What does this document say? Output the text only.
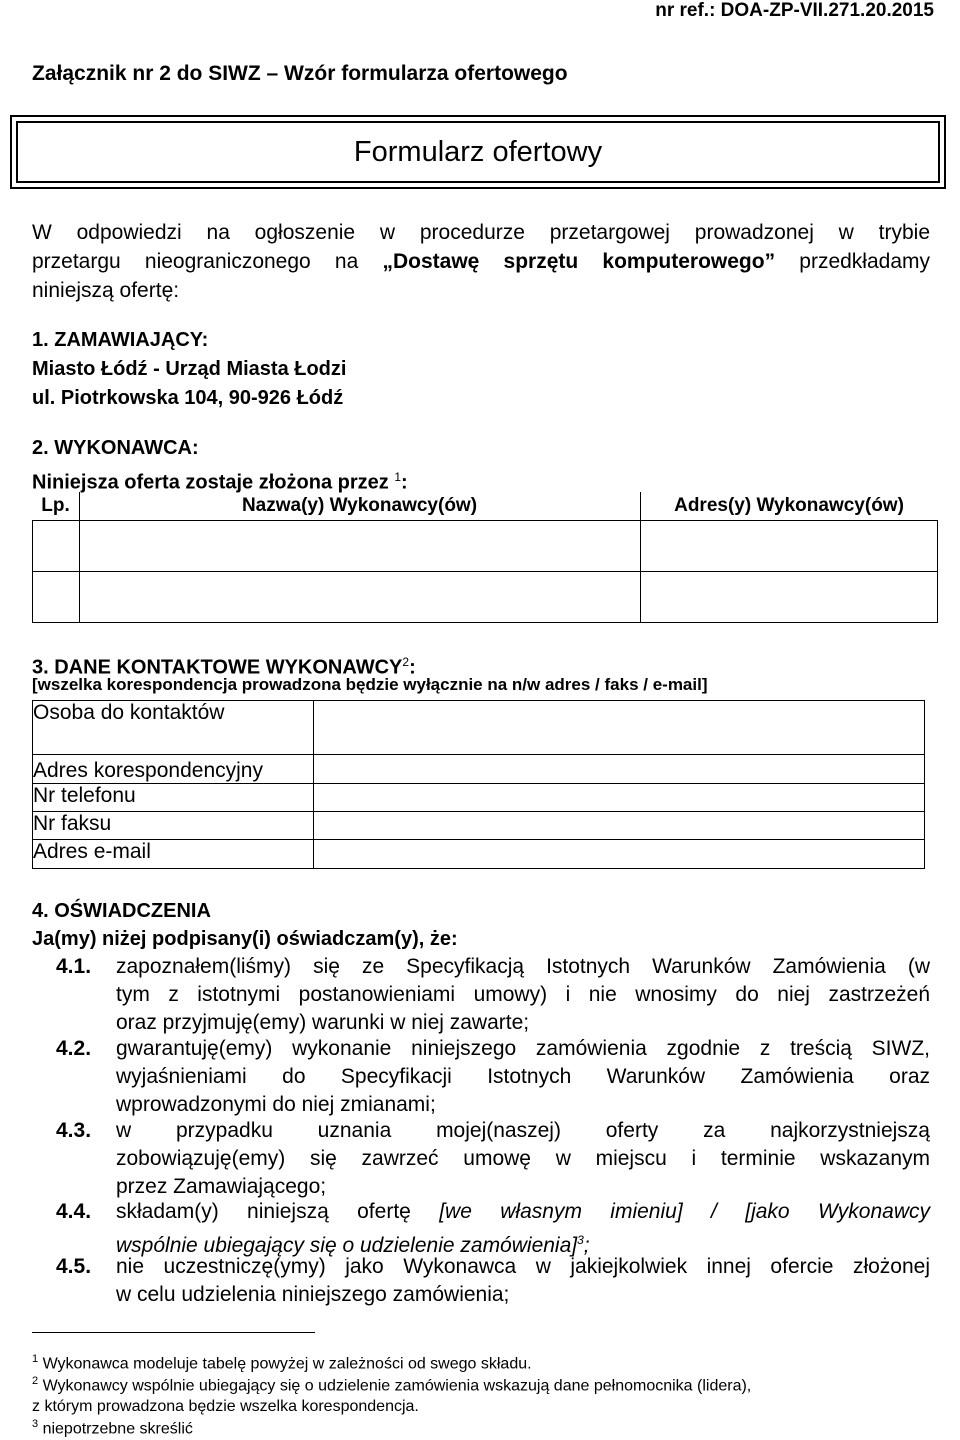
nr ref.: DOA-ZP-VII.271.20.2015
Załącznik nr 2 do SIWZ – Wzór formularza ofertowego
Formularz ofertowy
W odpowiedzi na ogłoszenie w procedurze przetargowej prowadzonej w trybie
przetargu nieograniczonego na „Dostawę sprzętu komputerowego” przedkładamy
niniejszą ofertę:
1. ZAMAWIAJĄCY:
Miasto Łódź - Urząd Miasta Łodzi
ul. Piotrkowska 104, 90-926 Łódź
2. WYKONAWCA:
Niniejsza oferta zostaje złożona przez $^1$:
Lp.	Nazwa(y) Wykonawcy(ów)	Adres(y) Wykonawcy(ów)

3. DANE KONTAKTOWE WYKONAWCY$^2$:
[wszelka korespondencja prowadzona będzie wyłącznie na n/w adres / faks / e-mail]
Osoba do kontaktów	
Adres korespondencyjny	
Nr telefonu	
Nr faksu	
Adres e-mail	
4. OŚWIADCZENIA
Ja(my) niżej podpisany(i) oświadczam(y), że:
4.1. zapoznałem(liśmy) się ze Specyfikacją Istotnych Warunków Zamówienia (w
tym z istotnymi postanowieniami umowy) i nie wnosimy do niej zastrzeżeń
oraz przyjmuję(emy) warunki w niej zawarte;
4.2. gwarantuję(emy) wykonanie niniejszego zamówienia zgodnie z treścią SIWZ,
wyjaśnieniami do Specyfikacji Istotnych Warunków Zamówienia oraz
wprowadzonymi do niej zmianami;
4.3. w przypadku uznania mojej(naszej) oferty za najkorzystniejszą
zobowiązuję(emy) się zawrzeć umowę w miejscu i terminie wskazanym
przez Zamawiającego;
4.4. składam(y) niniejszą ofertę [we własnym imieniu] / [jako Wykonawcy
wspólnie ubiegający się o udzielenie zamówienia]$^3$;
4.5. nie uczestniczę(ymy) jako Wykonawca w jakiejkolwiek innej ofercie złożonej
w celu udzielenia niniejszego zamówienia;
$^1$ Wykonawca modeluje tabelę powyżej w zależności od swego składu.
$^2$ Wykonawcy wspólnie ubiegający się o udzielenie zamówienia wskazują dane pełnomocnika (lidera),
z którym prowadzona będzie wszelka korespondencja.
$^3$ niepotrzebne skreślić
